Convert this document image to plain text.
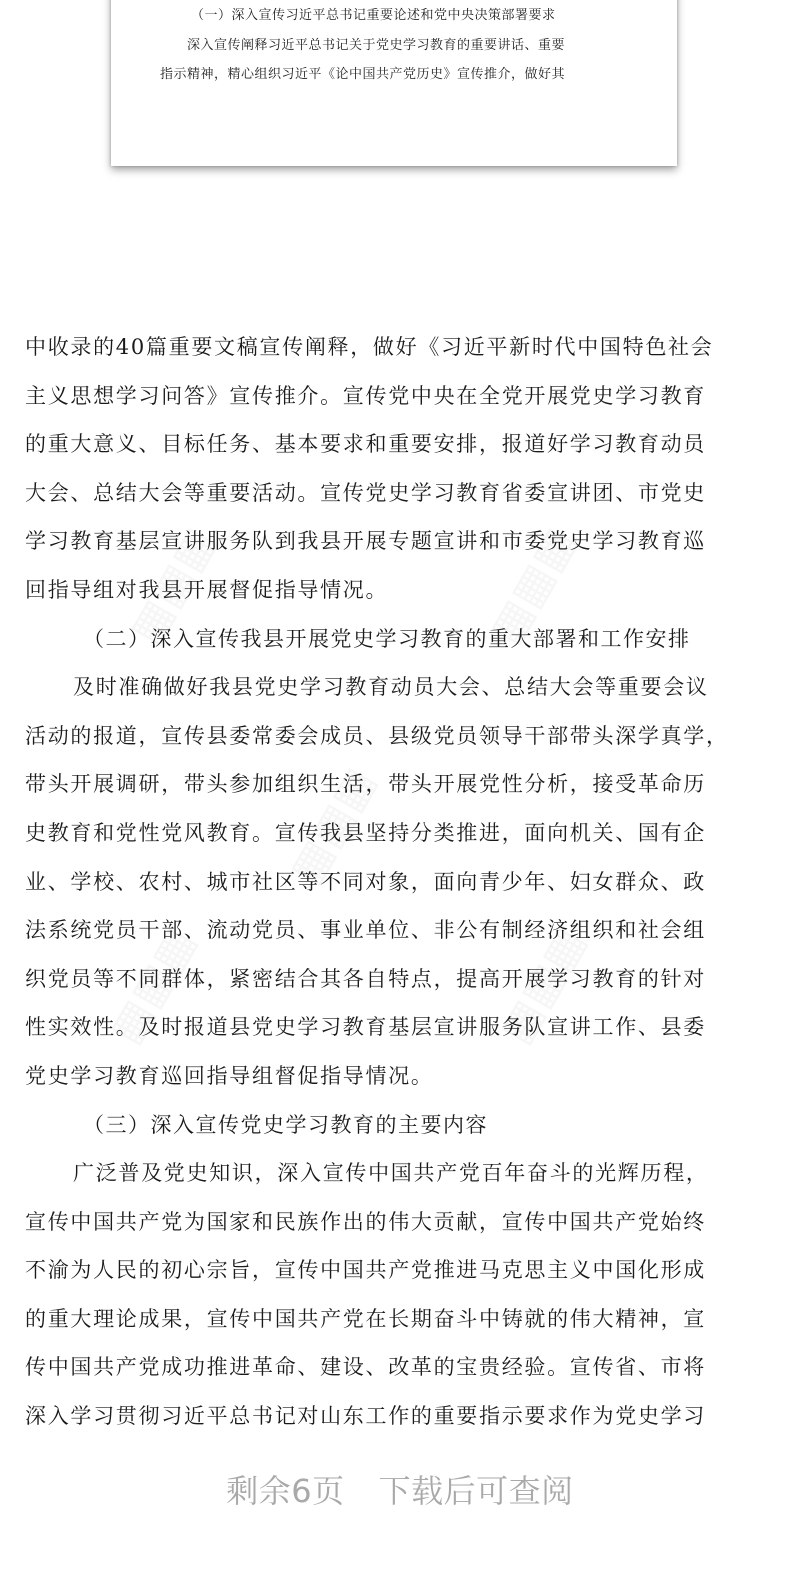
（一）深入宣传习近平总书记重要论述和党中央决策部署要求
深入宣传阐释习近平总书记关于党史学习教育的重要讲话、重要
指示精神，精心组织习近平《论中国共产党历史》宣传推介，做好其
中收录的40篇重要文稿宣传阐释，做好《习近平新时代中国特色社会
主义思想学习问答》宣传推介。宣传党中央在全党开展党史学习教育
的重大意义、目标任务、基本要求和重要安排，报道好学习教育动员
大会、总结大会等重要活动。宣传党史学习教育省委宣讲团、市党史
学习教育基层宣讲服务队到我县开展专题宣讲和市委党史学习教育巡
回指导组对我县开展督促指导情况。
（二）深入宣传我县开展党史学习教育的重大部署和工作安排
及时准确做好我县党史学习教育动员大会、总结大会等重要会议
活动的报道，宣传县委常委会成员、县级党员领导干部带头深学真学，
带头开展调研，带头参加组织生活，带头开展党性分析，接受革命历
史教育和党性党风教育。宣传我县坚持分类推进，面向机关、国有企
业、学校、农村、城市社区等不同对象，面向青少年、妇女群众、政
法系统党员干部、流动党员、事业单位、非公有制经济组织和社会组
织党员等不同群体，紧密结合其各自特点，提高开展学习教育的针对
性实效性。及时报道县党史学习教育基层宣讲服务队宣讲工作、县委
党史学习教育巡回指导组督促指导情况。
（三）深入宣传党史学习教育的主要内容
广泛普及党史知识，深入宣传中国共产党百年奋斗的光辉历程，
宣传中国共产党为国家和民族作出的伟大贡献，宣传中国共产党始终
不渝为人民的初心宗旨，宣传中国共产党推进马克思主义中国化形成
的重大理论成果，宣传中国共产党在长期奋斗中铸就的伟大精神，宣
传中国共产党成功推进革命、建设、改革的宝贵经验。宣传省、市将
深入学习贯彻习近平总书记对山东工作的重要指示要求作为党史学习
剩余6页 下载后可查阅
